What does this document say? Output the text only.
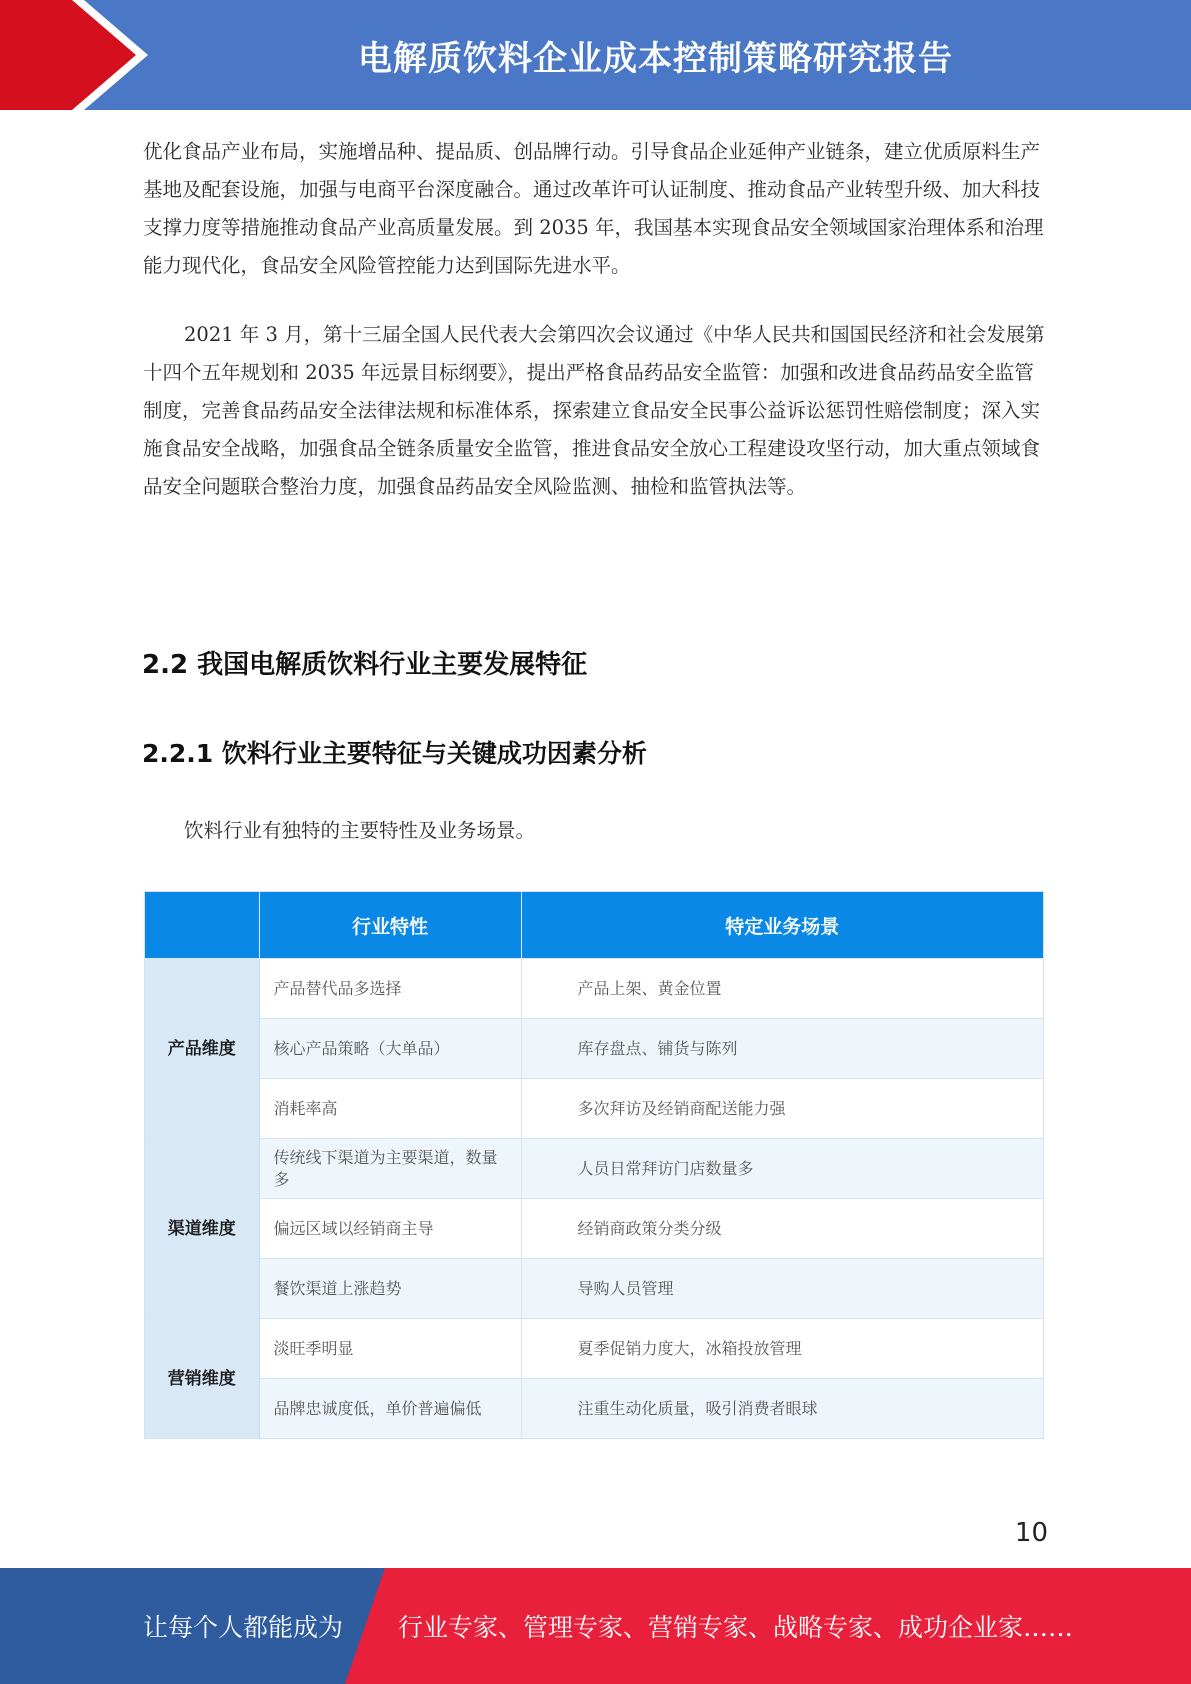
电解质饮料企业成本控制策略研究报告

优化食品产业布局，实施增品种、提品质、创品牌行动。引导食品企业延伸产业链条，建立优质原料生产基地及配套设施，加强与电商平台深度融合。通过改革许可认证制度、推动食品产业转型升级、加大科技支撑力度等措施推动食品产业高质量发展。到 2035 年，我国基本实现食品安全领域国家治理体系和治理能力现代化，食品安全风险管控能力达到国际先进水平。

2021 年 3 月，第十三届全国人民代表大会第四次会议通过《中华人民共和国国民经济和社会发展第十四个五年规划和 2035 年远景目标纲要》，提出严格食品药品安全监管：加强和改进食品药品安全监管制度，完善食品药品安全法律法规和标准体系，探索建立食品安全民事公益诉讼惩罚性赔偿制度；深入实施食品安全战略，加强食品全链条质量安全监管，推进食品安全放心工程建设攻坚行动，加大重点领域食品安全问题联合整治力度，加强食品药品安全风险监测、抽检和监管执法等。

2.2 我国电解质饮料行业主要发展特征
2.2.1 饮料行业主要特征与关键成功因素分析

饮料行业有独特的主要特性及业务场景。

	行业特性	特定业务场景
产品维度	产品替代品多选择	产品上架、黄金位置
	核心产品策略（大单品）	库存盘点、铺货与陈列
	消耗率高	多次拜访及经销商配送能力强
渠道维度	传统线下渠道为主要渠道，数量多	人员日常拜访门店数量多
	偏远区域以经销商主导	经销商政策分类分级
	餐饮渠道上涨趋势	导购人员管理
营销维度	淡旺季明显	夏季促销力度大，冰箱投放管理
	品牌忠诚度低，单价普遍偏低	注重生动化质量，吸引消费者眼球
10
让每个人都能成为 行业专家、管理专家、营销专家、战略专家、成功企业家……
